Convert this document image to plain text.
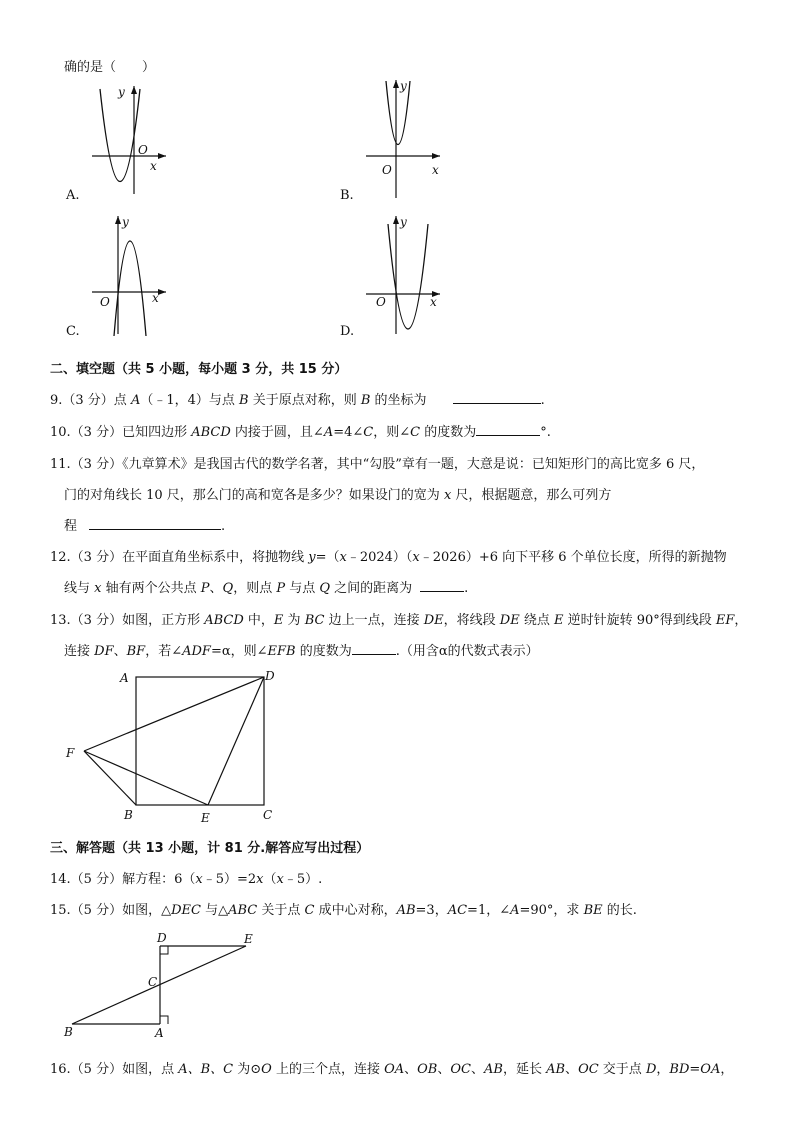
确的是（　　）
y
O
x
A.
y
O	x
B.
y
O	x
C.
y
O	x
D.
二、填空题（共 5 小题，每小题 3 分，共 15 分）
9.（3 分）点 A（﹣1，4）与点 B 关于原点对称，则 B 的坐标为	.
10.（3 分）已知四边形 ABCD 内接于圆，且∠A=4∠C，则∠C 的度数为	°.
11.（3 分）《九章算术》是我国古代的数学名著，其中“勾股”章有一题，大意是说：已知矩形门的高比宽多 6 尺，
门的对角线长 10 尺，那么门的高和宽各是多少？如果设门的宽为 x 尺，根据题意，那么可列方
程	.
12.（3 分）在平面直角坐标系中，将抛物线 y=（x﹣2024）（x﹣2026）+6 向下平移 6 个单位长度，所得的新抛物
线与 x 轴有两个公共点 P、Q，则点 P 与点 Q 之间的距离为	.
13.（3 分）如图，正方形 ABCD 中，E 为 BC 边上一点，连接 DE，将线段 DE 绕点 E 逆时针旋转 90°得到线段 EF，
连接 DF、BF，若∠ADF=α，则∠EFB 的度数为	.（用含α的代数式表示）
A	D
F
B	E	C
三、解答题（共 13 小题，计 81 分.解答应写出过程）
14.（5 分）解方程：6（x﹣5）=2x（x﹣5）.
15.（5 分）如图，△DEC 与△ABC 关于点 C 成中心对称，AB=3，AC=1，∠A=90°，求 BE 的长.
D	E
C
B	A
16.（5 分）如图，点 A、B、C 为⊙O 上的三个点，连接 OA、OB、OC、AB，延长 AB、OC 交于点 D，BD=OA，
